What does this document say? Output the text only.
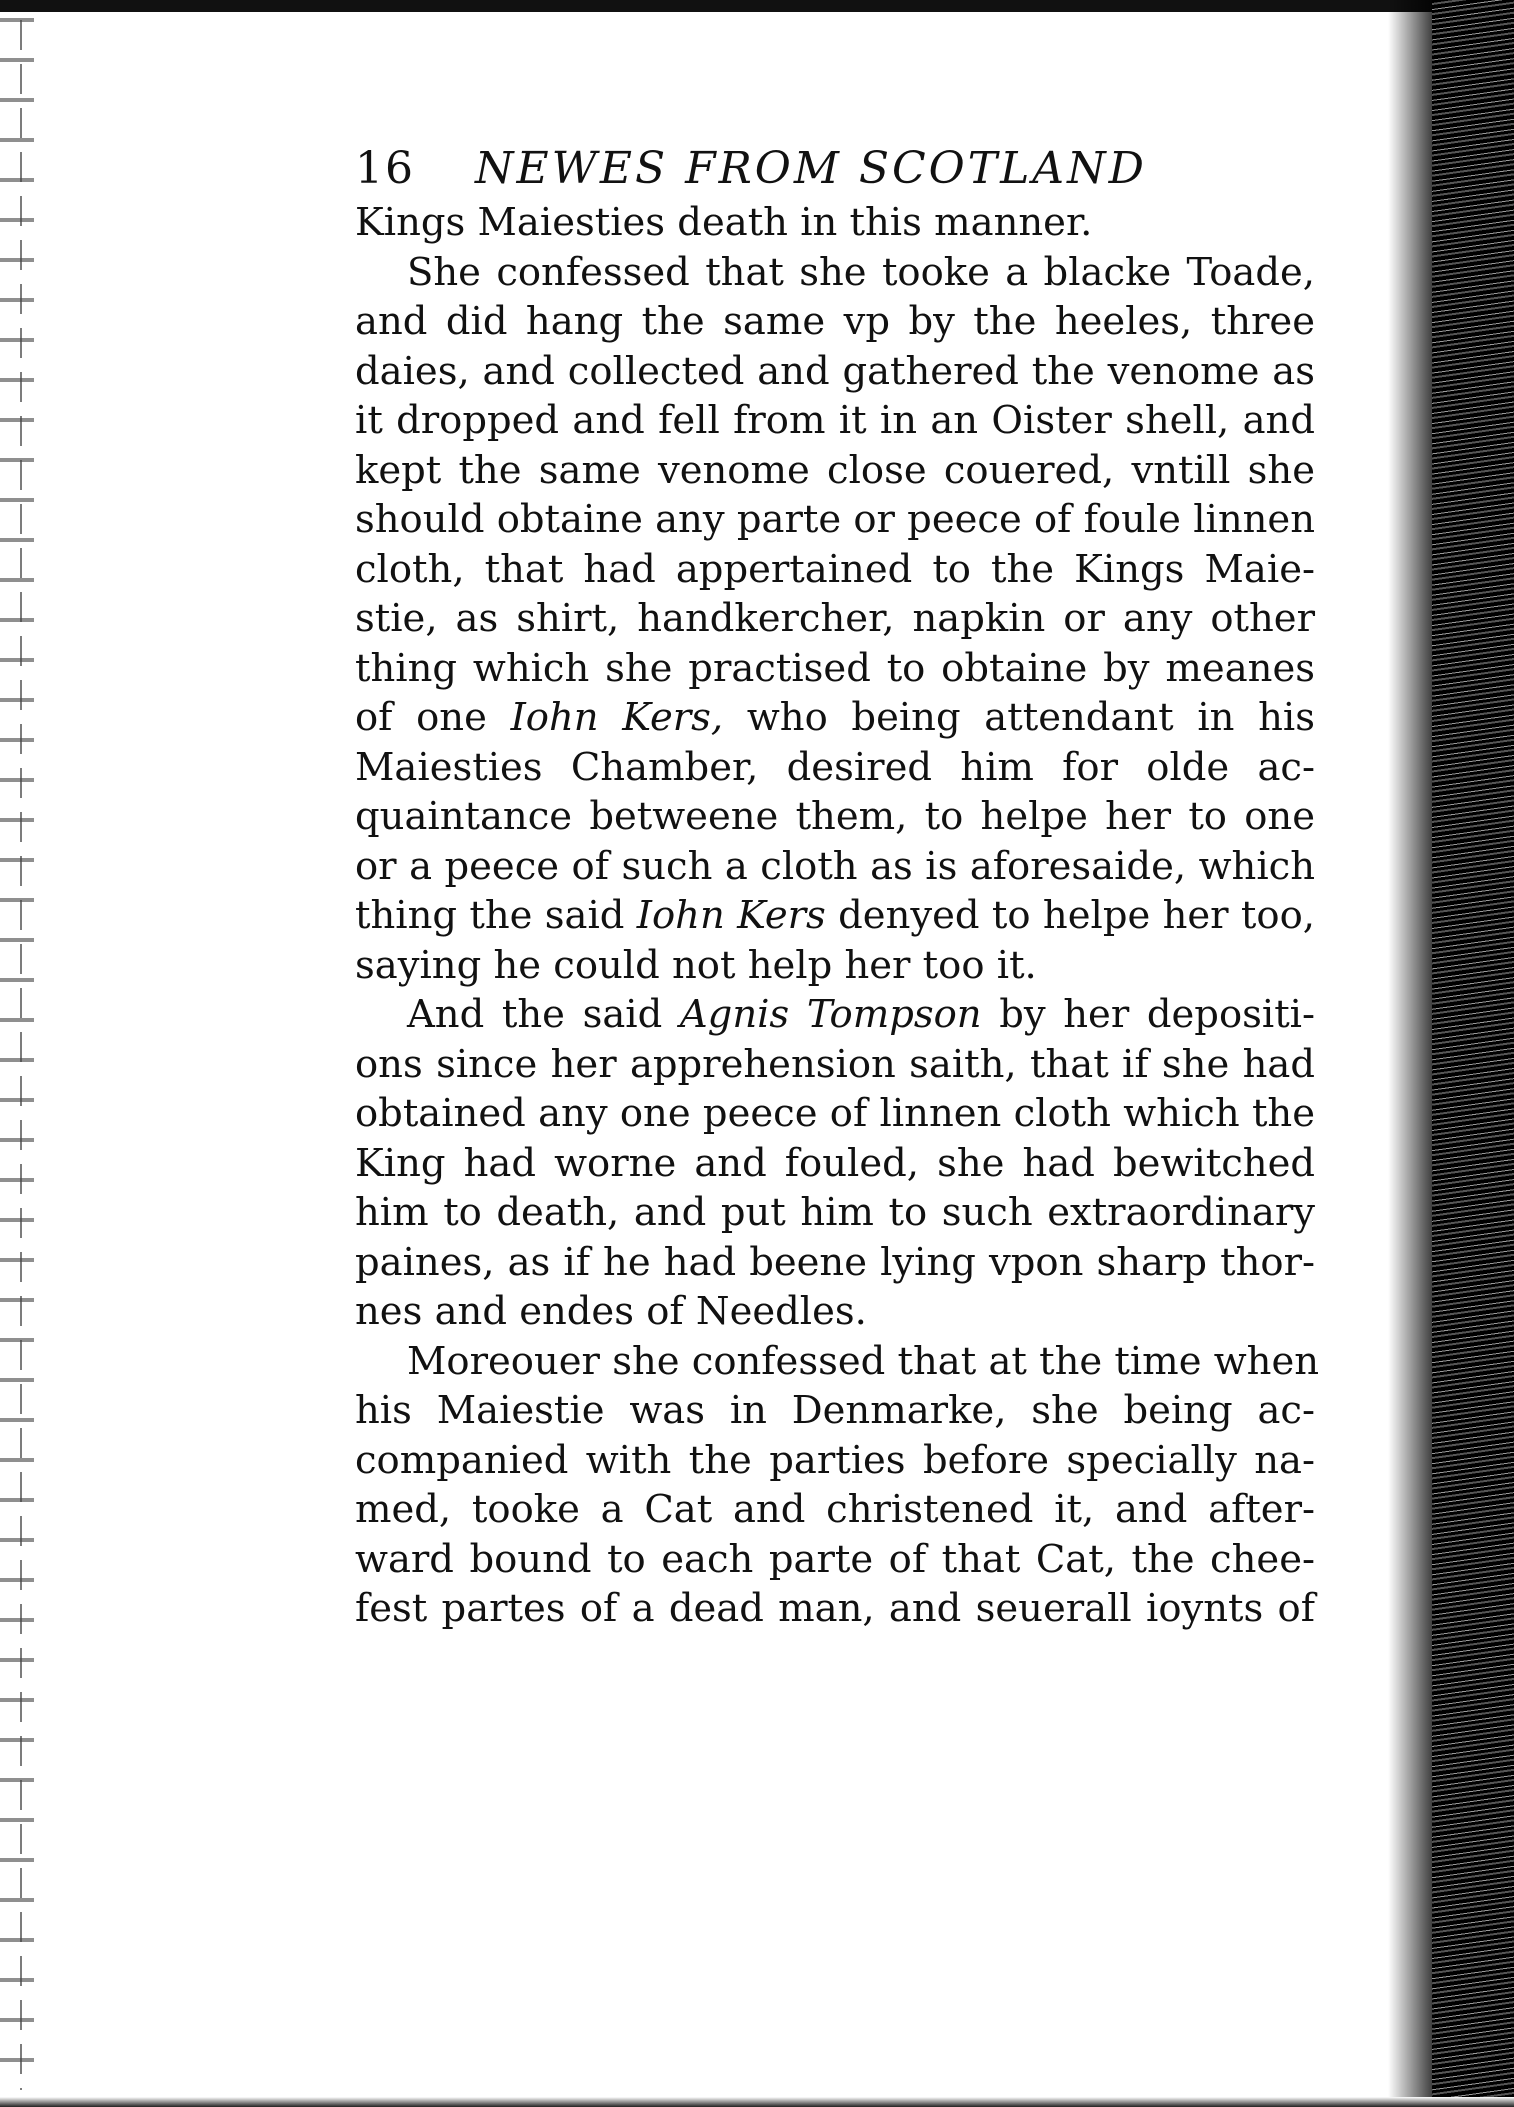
16	NEWES FROM SCOTLAND
Kings Maiesties death in this manner.
She confessed that she tooke a blacke Toade,
and did hang the same vp by the heeles, three
daies, and collected and gathered the venome as
it dropped and fell from it in an Oister shell, and
kept the same venome close couered, vntill she
should obtaine any parte or peece of foule linnen
cloth, that had appertained to the Kings Maie-
stie, as shirt, handkercher, napkin or any other
thing which she practised to obtaine by meanes
of one Iohn Kers, who being attendant in his
Maiesties Chamber, desired him for olde ac-
quaintance betweene them, to helpe her to one
or a peece of such a cloth as is aforesaide, which
thing the said Iohn Kers denyed to helpe her too,
saying he could not help her too it.
And the said Agnis Tompson by her depositi-
ons since her apprehension saith, that if she had
obtained any one peece of linnen cloth which the
King had worne and fouled, she had bewitched
him to death, and put him to such extraordinary
paines, as if he had beene lying vpon sharp thor-
nes and endes of Needles.
Moreouer she confessed that at the time when
his Maiestie was in Denmarke, she being ac-
companied with the parties before specially na-
med, tooke a Cat and christened it, and after-
ward bound to each parte of that Cat, the chee-
fest partes of a dead man, and seuerall ioynts of
